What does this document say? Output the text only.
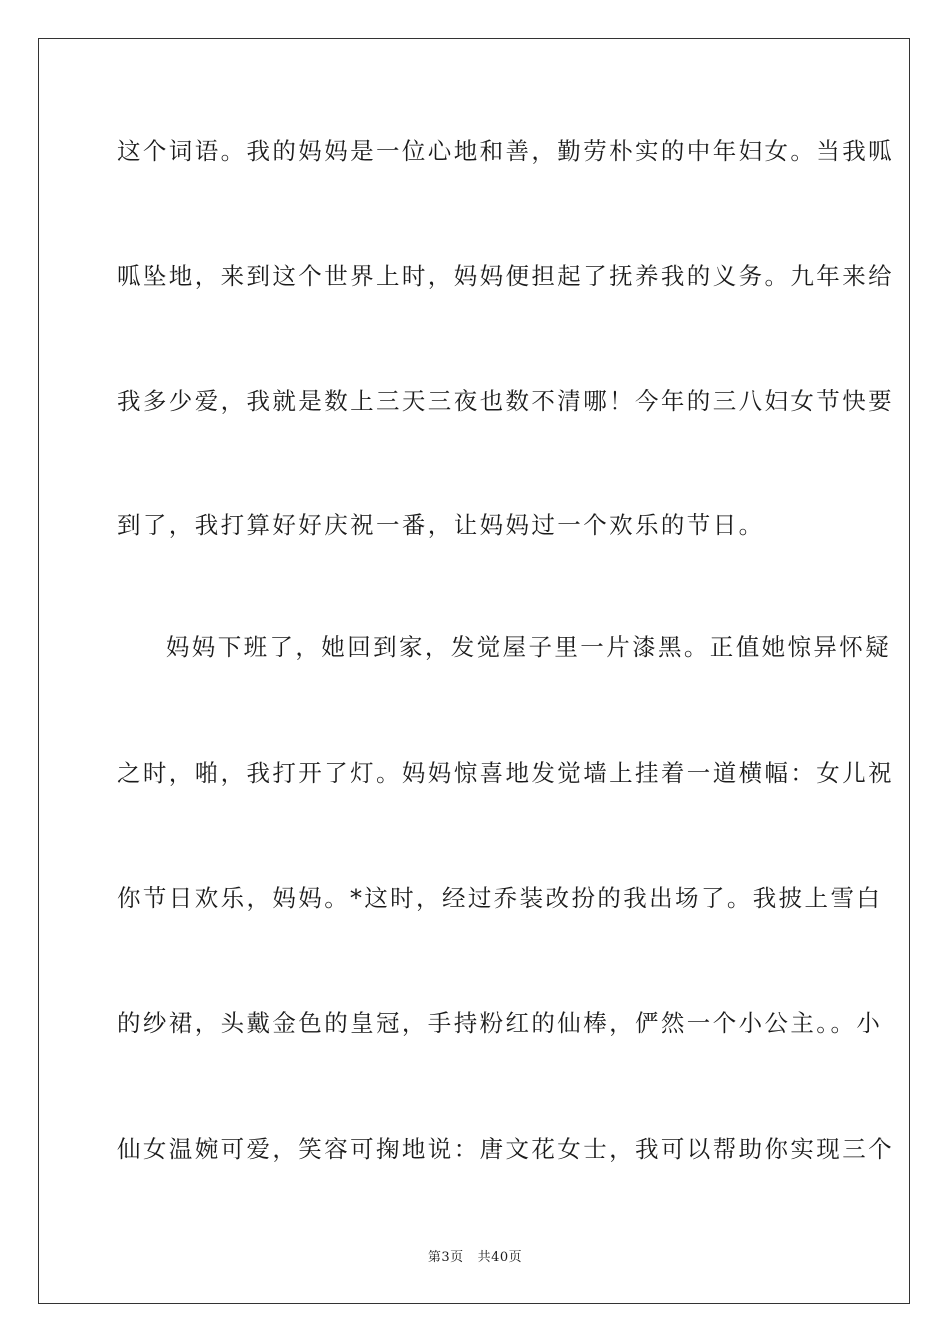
这个词语。我的妈妈是一位心地和善，勤劳朴实的中年妇女。当我呱
呱坠地，来到这个世界上时，妈妈便担起了抚养我的义务。九年来给
我多少爱，我就是数上三天三夜也数不清哪！今年的三八妇女节快要
到了，我打算好好庆祝一番，让妈妈过一个欢乐的节日。
　妈妈下班了，她回到家，发觉屋子里一片漆黑。正值她惊异怀疑
之时，啪，我打开了灯。妈妈惊喜地发觉墙上挂着一道横幅：女儿祝
你节日欢乐，妈妈。*这时，经过乔装改扮的我出场了。我披上雪白
的纱裙，头戴金色的皇冠，手持粉红的仙棒，俨然一个小公主。。小
仙女温婉可爱，笑容可掬地说：唐文花女士，我可以帮助你实现三个
第3页 共40页
